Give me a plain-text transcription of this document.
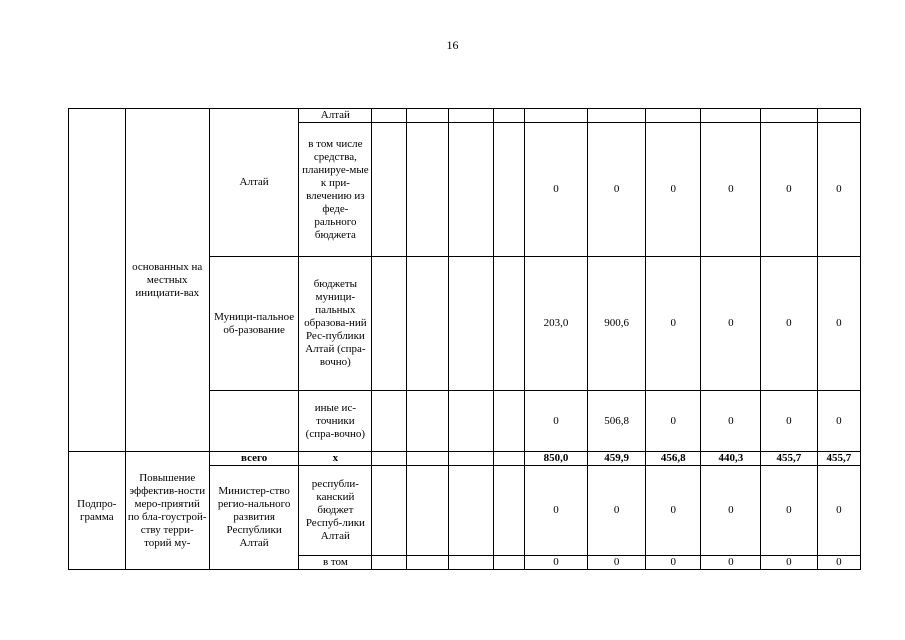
16
	основанных на местных инициати-вах	Алтай	Алтай										
			в том числе средства, планируе-мые к при-влечению из феде-рального бюджета					0	0	0	0	0	0
		Муници-пальное об-разование	бюджеты муници-пальных образова-ний Рес-публики Алтай (спра-вочно)					203,0	900,6	0	0	0	0
			иные ис-точники (спра-вочно)					0	506,8	0	0	0	0
Подпро-грамма	Повышение эффектив-ности меро-приятий по бла-гоустрой-ству терри-торий му-	всего	х					850,0	459,9	456,8	440,3	455,7	455,7
		Министер-ство регио-нального развития Республики Алтай	республи-канский бюджет Респуб-лики Алтай					0	0	0	0	0	0
			в том					0	0	0	0	0	0
